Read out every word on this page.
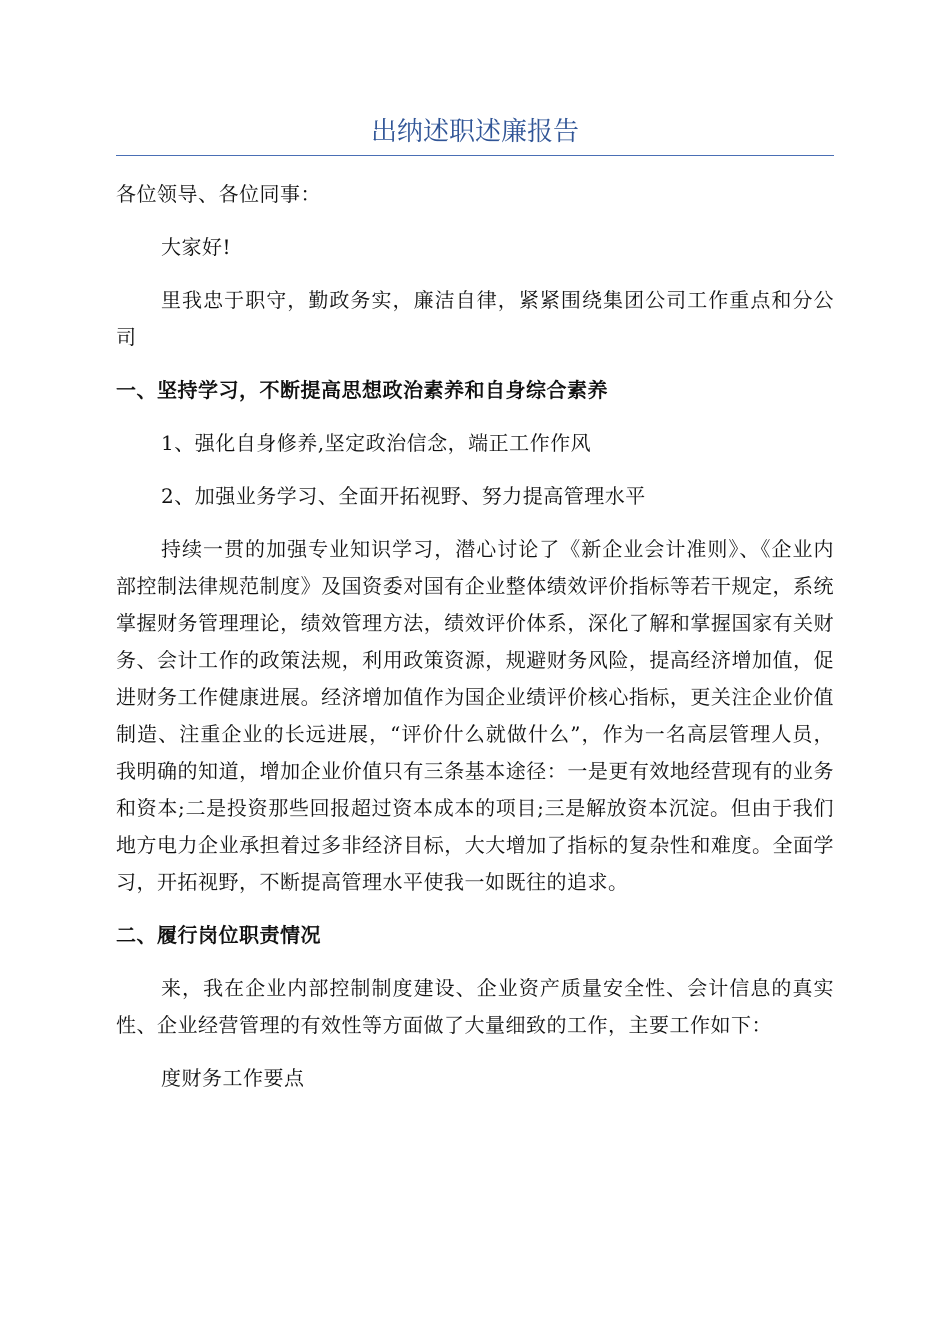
出纳述职述廉报告

各位领导、各位同事：

大家好!

里我忠于职守，勤政务实，廉洁自律，紧紧围绕集团公司工作重点和分公司

一、坚持学习，不断提高思想政治素养和自身综合素养

1、强化自身修养,坚定政治信念，端正工作作风

2、加强业务学习、全面开拓视野、努力提高管理水平

持续一贯的加强专业知识学习，潜心讨论了《新企业会计准则》、《企业内部控制法律规范制度》及国资委对国有企业整体绩效评价指标等若干规定，系统掌握财务管理理论，绩效管理方法，绩效评价体系，深化了解和掌握国家有关财务、会计工作的政策法规，利用政策资源，规避财务风险，提高经济增加值，促进财务工作健康进展。经济增加值作为国企业绩评价核心指标，更关注企业价值制造、注重企业的长远进展，“评价什么就做什么”，作为一名高层管理人员，我明确的知道，增加企业价值只有三条基本途径：一是更有效地经营现有的业务和资本;二是投资那些回报超过资本成本的项目;三是解放资本沉淀。但由于我们地方电力企业承担着过多非经济目标，大大增加了指标的复杂性和难度。全面学习，开拓视野，不断提高管理水平使我一如既往的追求。

二、履行岗位职责情况

来，我在企业内部控制制度建设、企业资产质量安全性、会计信息的真实性、企业经营管理的有效性等方面做了大量细致的工作，主要工作如下：

度财务工作要点
